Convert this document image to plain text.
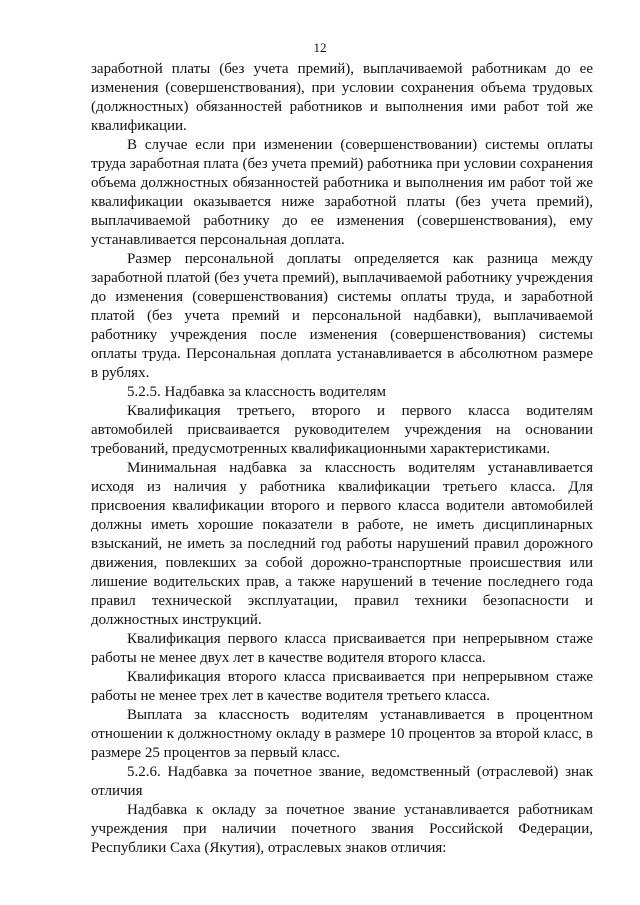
12

заработной платы (без учета премий), выплачиваемой работникам до ее изменения (совершенствования), при условии сохранения объема трудовых (должностных) обязанностей работников и выполнения ими работ той же квалификации.

В случае если при изменении (совершенствовании) системы оплаты труда заработная плата (без учета премий) работника при условии сохранения объема должностных обязанностей работника и выполнения им работ той же квалификации оказывается ниже заработной платы (без учета премий), выплачиваемой работнику до ее изменения (совершенствования), ему устанавливается персональная доплата.

Размер персональной доплаты определяется как разница между заработной платой (без учета премий), выплачиваемой работнику учреждения до изменения (совершенствования) системы оплаты труда, и заработной платой (без учета премий и персональной надбавки), выплачиваемой работнику учреждения после изменения (совершенствования) системы оплаты труда. Персональная доплата устанавливается в абсолютном размере в рублях.

5.2.5. Надбавка за классность водителям

Квалификация третьего, второго и первого класса водителям автомобилей присваивается руководителем учреждения на основании требований, предусмотренных квалификационными характеристиками.

Минимальная надбавка за классность водителям устанавливается исходя из наличия у работника квалификации третьего класса. Для присвоения квалификации второго и первого класса водители автомобилей должны иметь хорошие показатели в работе, не иметь дисциплинарных взысканий, не иметь за последний год работы нарушений правил дорожного движения, повлекших за собой дорожно-транспортные происшествия или лишение водительских прав, а также нарушений в течение последнего года правил технической эксплуатации, правил техники безопасности и должностных инструкций.

Квалификация первого класса присваивается при непрерывном стаже работы не менее двух лет в качестве водителя второго класса.

Квалификация второго класса присваивается при непрерывном стаже работы не менее трех лет в качестве водителя третьего класса.

Выплата за классность водителям устанавливается в процентном отношении к должностному окладу в размере 10 процентов за второй класс, в размере 25 процентов за первый класс.

5.2.6. Надбавка за почетное звание, ведомственный (отраслевой) знак отличия

Надбавка к окладу за почетное звание устанавливается работникам учреждения при наличии почетного звания Российской Федерации, Республики Саха (Якутия), отраслевых знаков отличия:
